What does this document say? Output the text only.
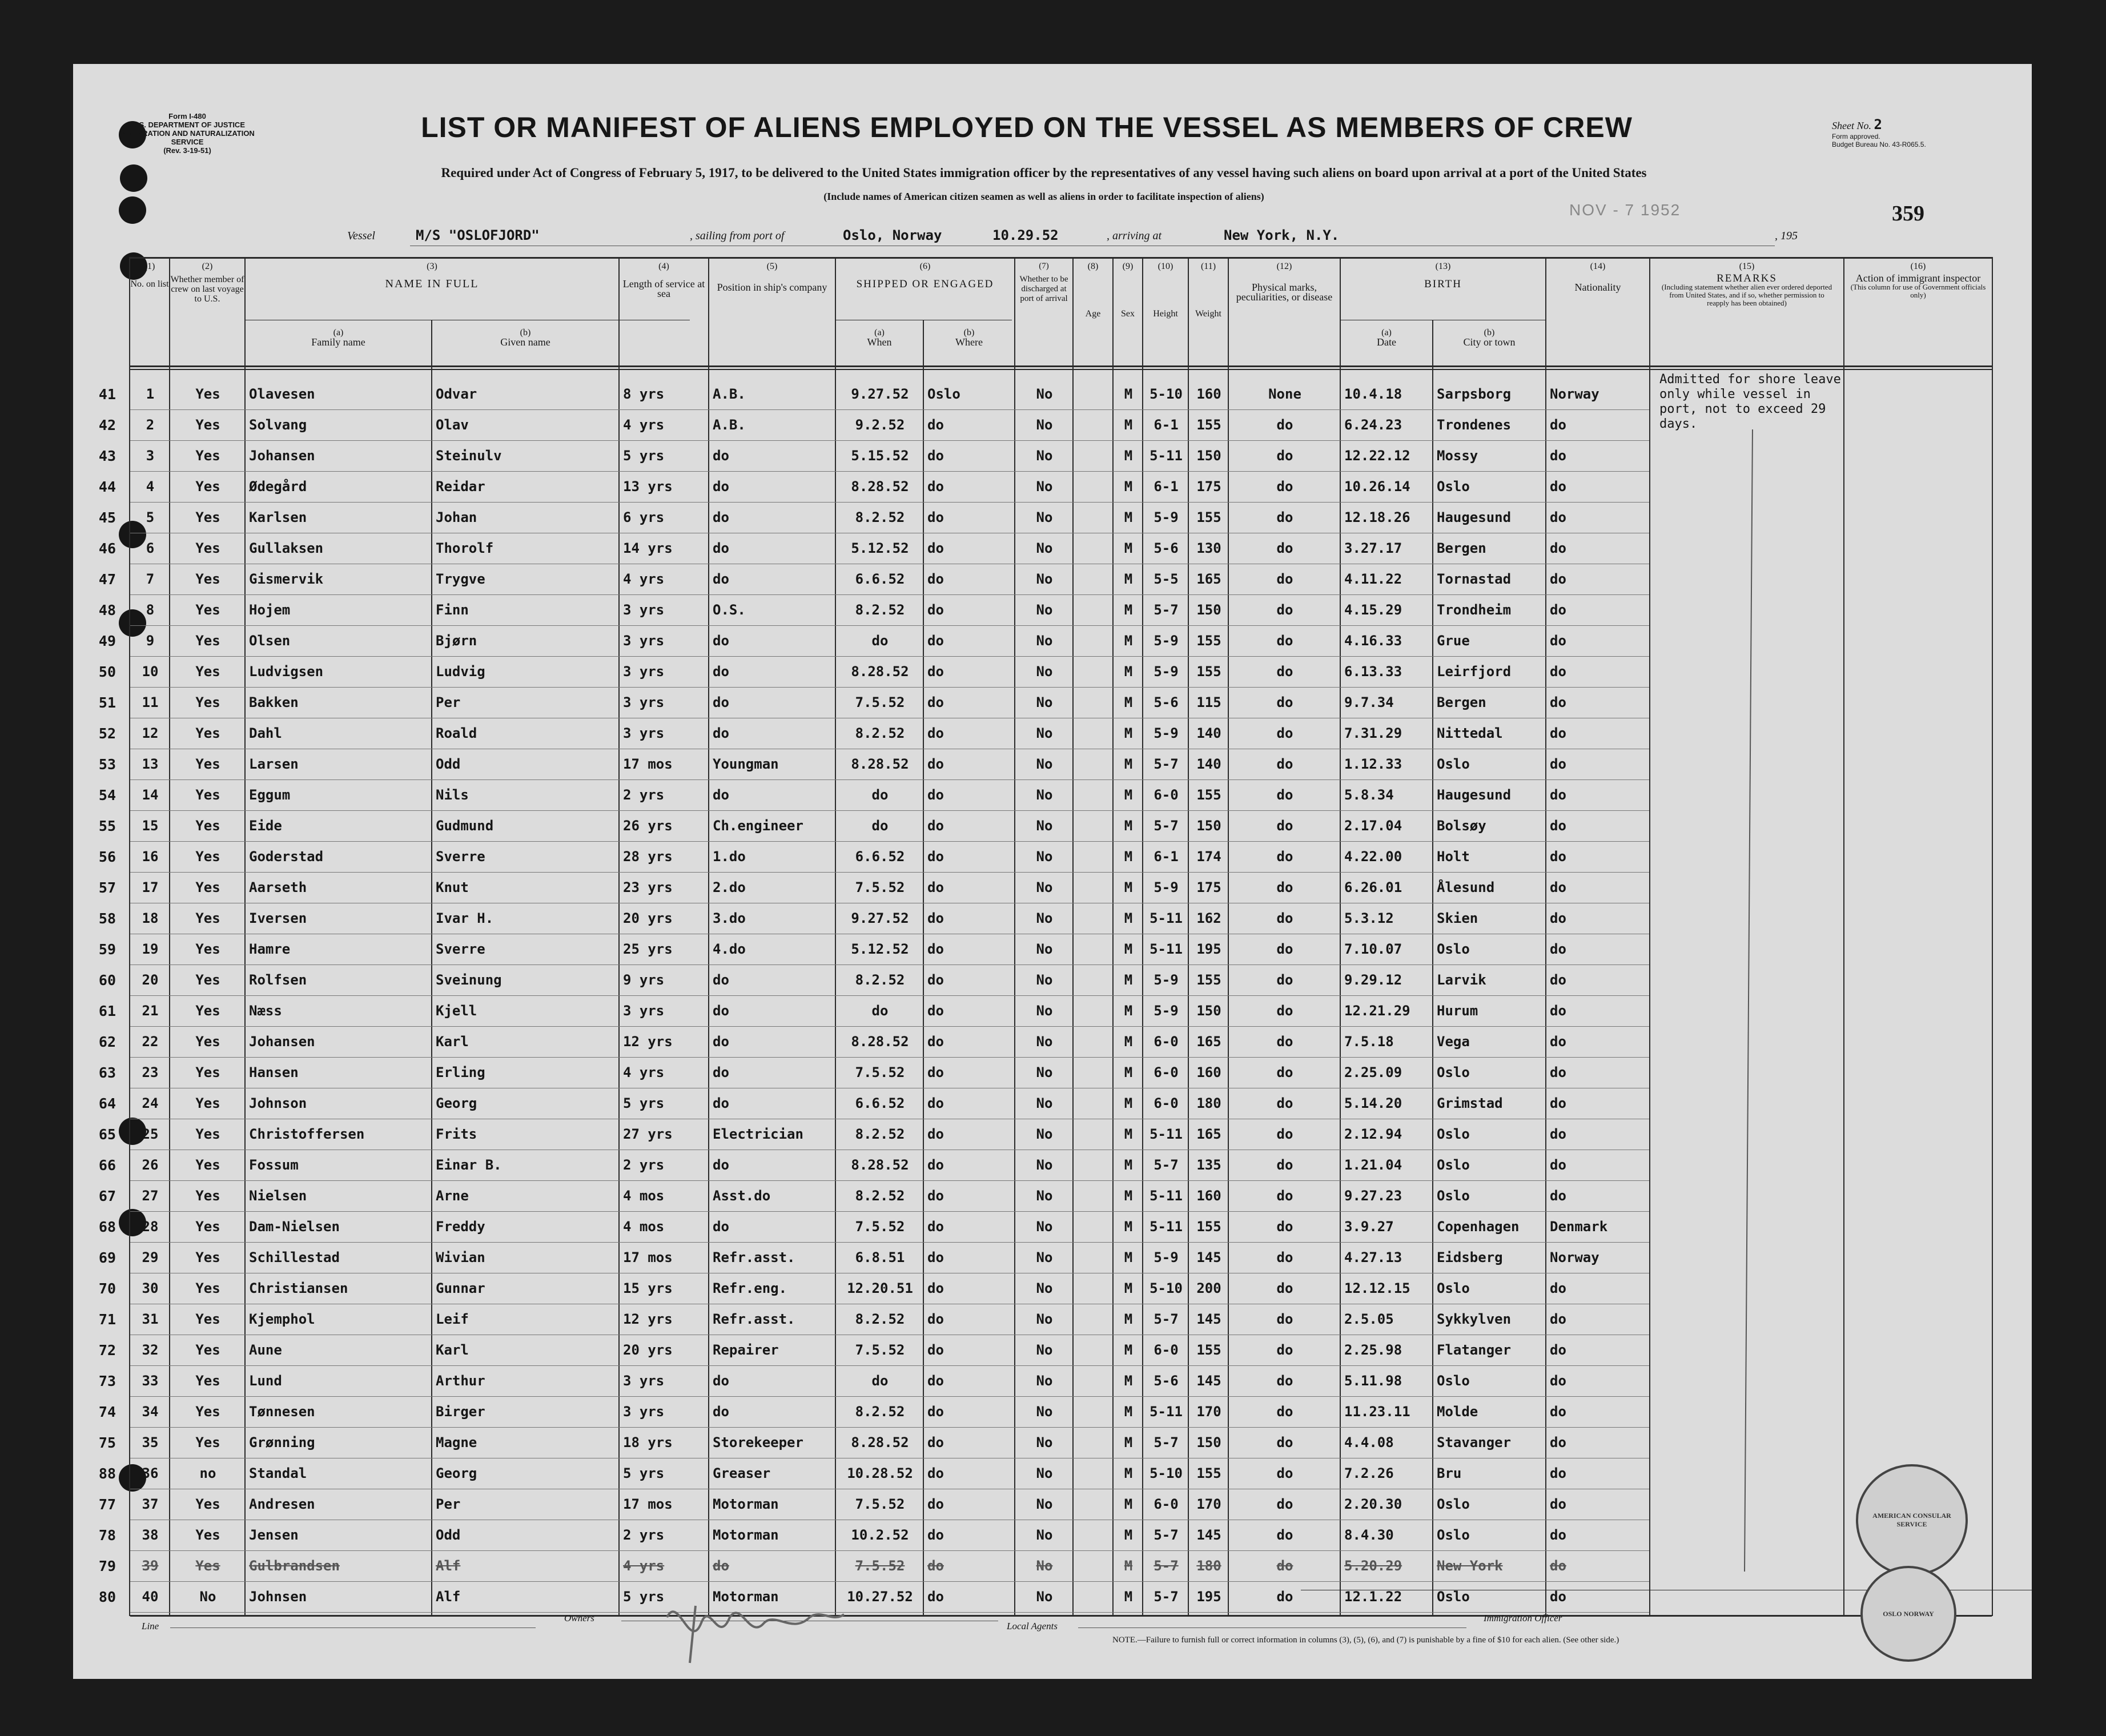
Form I-480
U. S. DEPARTMENT OF JUSTICE
IMMIGRATION AND NATURALIZATION SERVICE
(Rev. 3-19-51)
LIST OR MANIFEST OF ALIENS EMPLOYED ON THE VESSEL AS MEMBERS OF CREW
Required under Act of Congress of February 5, 1917, to be delivered to the United States immigration officer by the representatives of any vessel having such aliens on board upon arrival at a port of the United States
(Include names of American citizen seamen as well as aliens in order to facilitate inspection of aliens)
Sheet No. 2
Form approved.
Budget Bureau No. 43-R065.5.
NOV - 7 1952	359
Vessel	M/S "OSLOFJORD"	, sailing from port of	Oslo, Norway	10.29.52	, arriving at	New York, N.Y.	, 195
(1)
No. on list
(2)
Whether member of crew on last voyage to U.S.
(3)
NAME IN FULL
(a)
Family name
(b)
Given name
(4)
Length of service at sea
(5)
Position in ship's company
(6)
SHIPPED OR ENGAGED
(a)
When
(b)
Where
(7)
Whether to be discharged at port of arrival
(8)
Age
(9)
Sex
(10)
Height
(11)
Weight
(12)
Physical marks, peculiarities, or disease
(13)
BIRTH
(a)
Date
(b)
City or town
(14)
Nationality
(15)
REMARKS
(Including statement whether alien ever ordered deported from United States, and if so, whether permission to reapply has been obtained)
(16)
Action of immigrant inspector
(This column for use of Government officials only)
41	1	Yes	Olavesen	Odvar	8 yrs	A.B.	9.27.52	Oslo	No	M	5-10	160	None	10.4.18	Sarpsborg	Norway
42	2	Yes	Solvang	Olav	4 yrs	A.B.	9.2.52	do	No	M	6-1	155	do	6.24.23	Trondenes	do
43	3	Yes	Johansen	Steinulv	5 yrs	do	5.15.52	do	No	M	5-11	150	do	12.22.12	Mossy	do
44	4	Yes	Ødegård	Reidar	13 yrs	do	8.28.52	do	No	M	6-1	175	do	10.26.14	Oslo	do
45	5	Yes	Karlsen	Johan	6 yrs	do	8.2.52	do	No	M	5-9	155	do	12.18.26	Haugesund	do
46	6	Yes	Gullaksen	Thorolf	14 yrs	do	5.12.52	do	No	M	5-6	130	do	3.27.17	Bergen	do
47	7	Yes	Gismervik	Trygve	4 yrs	do	6.6.52	do	No	M	5-5	165	do	4.11.22	Tornastad	do
48	8	Yes	Hojem	Finn	3 yrs	O.S.	8.2.52	do	No	M	5-7	150	do	4.15.29	Trondheim	do
49	9	Yes	Olsen	Bjørn	3 yrs	do	do	do	No	M	5-9	155	do	4.16.33	Grue	do
50	10	Yes	Ludvigsen	Ludvig	3 yrs	do	8.28.52	do	No	M	5-9	155	do	6.13.33	Leirfjord	do
51	11	Yes	Bakken	Per	3 yrs	do	7.5.52	do	No	M	5-6	115	do	9.7.34	Bergen	do
52	12	Yes	Dahl	Roald	3 yrs	do	8.2.52	do	No	M	5-9	140	do	7.31.29	Nittedal	do
53	13	Yes	Larsen	Odd	17 mos	Youngman	8.28.52	do	No	M	5-7	140	do	1.12.33	Oslo	do
54	14	Yes	Eggum	Nils	2 yrs	do	do	do	No	M	6-0	155	do	5.8.34	Haugesund	do
55	15	Yes	Eide	Gudmund	26 yrs	Ch.engineer	do	do	No	M	5-7	150	do	2.17.04	Bolsøy	do
56	16	Yes	Goderstad	Sverre	28 yrs	1.do	6.6.52	do	No	M	6-1	174	do	4.22.00	Holt	do
57	17	Yes	Aarseth	Knut	23 yrs	2.do	7.5.52	do	No	M	5-9	175	do	6.26.01	Ålesund	do
58	18	Yes	Iversen	Ivar H.	20 yrs	3.do	9.27.52	do	No	M	5-11	162	do	5.3.12	Skien	do
59	19	Yes	Hamre	Sverre	25 yrs	4.do	5.12.52	do	No	M	5-11	195	do	7.10.07	Oslo	do
60	20	Yes	Rolfsen	Sveinung	9 yrs	do	8.2.52	do	No	M	5-9	155	do	9.29.12	Larvik	do
61	21	Yes	Næss	Kjell	3 yrs	do	do	do	No	M	5-9	150	do	12.21.29	Hurum	do
62	22	Yes	Johansen	Karl	12 yrs	do	8.28.52	do	No	M	6-0	165	do	7.5.18	Vega	do
63	23	Yes	Hansen	Erling	4 yrs	do	7.5.52	do	No	M	6-0	160	do	2.25.09	Oslo	do
64	24	Yes	Johnson	Georg	5 yrs	do	6.6.52	do	No	M	6-0	180	do	5.14.20	Grimstad	do
65	25	Yes	Christoffersen	Frits	27 yrs	Electrician	8.2.52	do	No	M	5-11	165	do	2.12.94	Oslo	do
66	26	Yes	Fossum	Einar B.	2 yrs	do	8.28.52	do	No	M	5-7	135	do	1.21.04	Oslo	do
67	27	Yes	Nielsen	Arne	4 mos	Asst.do	8.2.52	do	No	M	5-11	160	do	9.27.23	Oslo	do
68	28	Yes	Dam-Nielsen	Freddy	4 mos	do	7.5.52	do	No	M	5-11	155	do	3.9.27	Copenhagen	Denmark
69	29	Yes	Schillestad	Wivian	17 mos	Refr.asst.	6.8.51	do	No	M	5-9	145	do	4.27.13	Eidsberg	Norway
70	30	Yes	Christiansen	Gunnar	15 yrs	Refr.eng.	12.20.51	do	No	M	5-10	200	do	12.12.15	Oslo	do
71	31	Yes	Kjemphol	Leif	12 yrs	Refr.asst.	8.2.52	do	No	M	5-7	145	do	2.5.05	Sykkylven	do
72	32	Yes	Aune	Karl	20 yrs	Repairer	7.5.52	do	No	M	6-0	155	do	2.25.98	Flatanger	do
73	33	Yes	Lund	Arthur	3 yrs	do	do	do	No	M	5-6	145	do	5.11.98	Oslo	do
74	34	Yes	Tønnesen	Birger	3 yrs	do	8.2.52	do	No	M	5-11	170	do	11.23.11	Molde	do
75	35	Yes	Grønning	Magne	18 yrs	Storekeeper	8.28.52	do	No	M	5-7	150	do	4.4.08	Stavanger	do
88	36	no	Standal	Georg	5 yrs	Greaser	10.28.52	do	No	M	5-10	155	do	7.2.26	Bru	do
77	37	Yes	Andresen	Per	17 mos	Motorman	7.5.52	do	No	M	6-0	170	do	2.20.30	Oslo	do
78	38	Yes	Jensen	Odd	2 yrs	Motorman	10.2.52	do	No	M	5-7	145	do	8.4.30	Oslo	do
79	39	Yes	Gulbrandsen	Alf	4 yrs	do	7.5.52	do	No	M	5-7	180	do	5.20.29	New York	do
80	40	No	Johnsen	Alf	5 yrs	Motorman	10.27.52	do	No	M	5-7	195	do	12.1.22	Oslo	do
Admitted for shore leave only while vessel in port, not to exceed 29 days.
AMERICAN CONSULAR SERVICE
OSLO NORWAY
Line
Owners
Local Agents
Immigration Officer
NOTE.—Failure to furnish full or correct information in columns (3), (5), (6), and (7) is punishable by a fine of $10 for each alien. (See other side.)
